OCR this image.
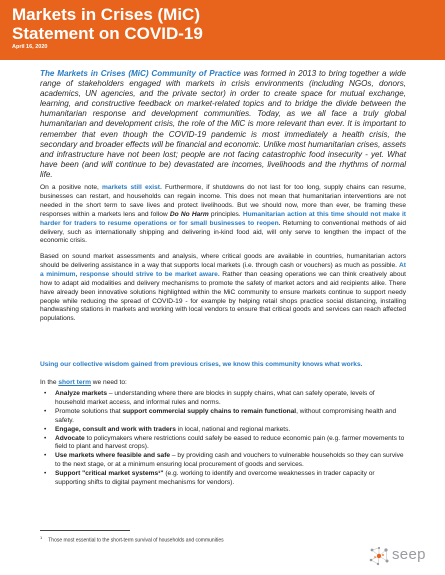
Markets in Crises (MiC)
Statement on COVID-19
April 16, 2020
The Markets in Crises (MiC) Community of Practice was formed in 2013 to bring together a wide range of stakeholders engaged with markets in crisis environments (including NGOs, donors, academics, UN agencies, and the private sector) in order to create space for mutual exchange, learning, and constructive feedback on market-related topics and to bridge the divide between the humanitarian response and development communities. Today, as we all face a truly global humanitarian and development crisis, the role of the MiC is more relevant than ever. It is important to remember that even though the COVID-19 pandemic is most immediately a health crisis, the secondary and broader effects will be financial and economic. Unlike most humanitarian crises, assets and infrastructure have not been lost; people are not facing catastrophic food insecurity - yet. What have been (and will continue to be) devastated are incomes, livelihoods and the rhythms of normal life.
On a positive note, markets still exist. Furthermore, if shutdowns do not last for too long, supply chains can resume, businesses can restart, and households can regain income. This does not mean that humanitarian interventions are not needed in the short term to save lives and protect livelihoods. But we should now, more than ever, be framing these responses within a markets lens and follow Do No Harm principles. Humanitarian action at this time should not make it harder for traders to resume operations or for small businesses to reopen. Returning to conventional methods of aid delivery, such as internationally shipping and delivering in-kind food aid, will only serve to lengthen the impact of the economic crisis.
Based on sound market assessments and analysis, where critical goods are available in countries, humanitarian actors should be delivering assistance in a way that supports local markets (i.e. through cash or vouchers) as much as possible. At a minimum, response should strive to be market aware. Rather than ceasing operations we can think creatively about how to adapt aid modalities and delivery mechanisms to promote the safety of market actors and aid recipients alike. There have already been innovative solutions highlighted within the MiC community to ensure markets continue to support needy people while reducing the spread of COVID-19 - for example by helping retail shops practice social distancing, installing handwashing stations in markets and working with local vendors to ensure that critical goods and services can reach affected populations.
Using our collective wisdom gained from previous crises, we know this community knows what works.
In the short term we need to:
• Analyze markets – understanding where there are blocks in supply chains, what can safely operate, levels of household market access, and informal rules and norms.
• Promote solutions that support commercial supply chains to remain functional, without compromising health and safety.
• Engage, consult and work with traders in local, national and regional markets.
• Advocate to policymakers where restrictions could safely be eased to reduce economic pain (e.g. farmer movements to field to plant and harvest crops).
• Use markets where feasible and safe – by providing cash and vouchers to vulnerable households so they can survive to the next stage, or at a minimum ensuring local procurement of goods and services.
• Support "critical market systems¹" (e.g. working to identify and overcome weaknesses in trader capacity or supporting shifts to digital payment mechanisms for vendors).
$^1$Those most essential to the short-term survival of households and communities
seep
